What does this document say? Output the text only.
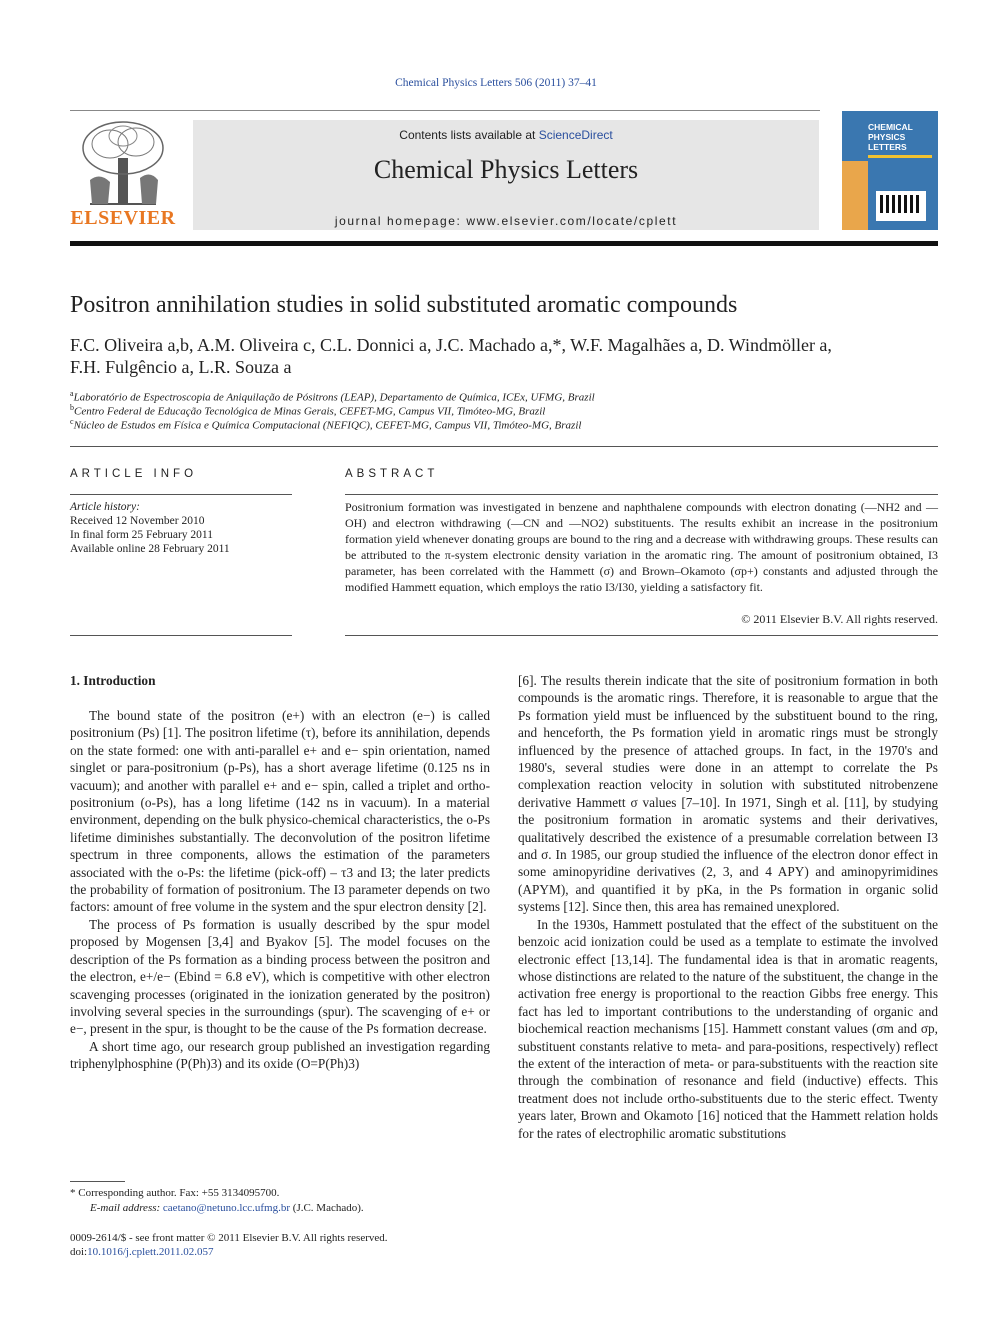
Chemical Physics Letters 506 (2011) 37–41
ELSEVIER
Contents lists available at ScienceDirect
Chemical Physics Letters
journal homepage: www.elsevier.com/locate/cplett
CHEMICAL
PHYSICS
LETTERS
Positron annihilation studies in solid substituted aromatic compounds
F.C. Oliveira a,b, A.M. Oliveira c, C.L. Donnici a, J.C. Machado a,*, W.F. Magalhães a, D. Windmöller a,
F.H. Fulgêncio a, L.R. Souza a
$^a$Laboratório de Espectroscopia de Aniquilação de Pósitrons (LEAP), Departamento de Química, ICEx, UFMG, Brazil
$^b$Centro Federal de Educação Tecnológica de Minas Gerais, CEFET-MG, Campus VII, Timóteo-MG, Brazil
$^c$Núcleo de Estudos em Física e Química Computacional (NEFIQC), CEFET-MG, Campus VII, Timóteo-MG, Brazil
ARTICLE INFO	ABSTRACT
Article history:
Received 12 November 2010
In final form 25 February 2011
Available online 28 February 2011
Positronium formation was investigated in benzene and naphthalene compounds with electron donating (—NH2 and —OH) and electron withdrawing (—CN and —NO2) substituents. The results exhibit an increase in the positronium formation yield whenever donating groups are bound to the ring and a decrease with withdrawing groups. These results can be attributed to the π-system electronic density variation in the aromatic ring. The amount of positronium obtained, I3 parameter, has been correlated with the Hammett (σ) and Brown–Okamoto (σp+) constants and adjusted through the modified Hammett equation, which employs the ratio I3/I30, yielding a satisfactory fit.
© 2011 Elsevier B.V. All rights reserved.
1. Introduction

The bound state of the positron (e+) with an electron (e−) is called positronium (Ps) [1]. The positron lifetime (τ), before its annihilation, depends on the state formed: one with anti-parallel e+ and e− spin orientation, named singlet or para-positronium (p-Ps), has a short average lifetime (0.125 ns in vacuum); and another with parallel e+ and e− spin, called a triplet and ortho-positronium (o-Ps), has a long lifetime (142 ns in vacuum). In a material environment, depending on the bulk physico-chemical characteristics, the o-Ps lifetime diminishes substantially. The deconvolution of the positron lifetime spectrum in three components, allows the estimation of the parameters associated with the o-Ps: the lifetime (pick-off) – τ3 and I3; the later predicts the probability of formation of positronium. The I3 parameter depends on two factors: amount of free volume in the system and the spur electron density [2].

The process of Ps formation is usually described by the spur model proposed by Mogensen [3,4] and Byakov [5]. The model focuses on the description of the Ps formation as a binding process between the positron and the electron, e+/e− (Ebind = 6.8 eV), which is competitive with other electron scavenging processes (originated in the ionization generated by the positron) involving several species in the surroundings (spur). The scavenging of e+ or e−, present in the spur, is thought to be the cause of the Ps formation decrease.

A short time ago, our research group published an investigation regarding triphenylphosphine (P(Ph)3) and its oxide (O=P(Ph)3)

[6]. The results therein indicate that the site of positronium formation in both compounds is the aromatic rings. Therefore, it is reasonable to argue that the Ps formation yield must be influenced by the substituent bound to the ring, and henceforth, the Ps formation yield in aromatic rings must be strongly influenced by the presence of attached groups. In fact, in the 1970's and 1980's, several studies were done in an attempt to correlate the Ps complexation reaction velocity in solution with substituted nitrobenzene derivative Hammett σ values [7–10]. In 1971, Singh et al. [11], by studying the positronium formation in aromatic systems and their derivatives, qualitatively described the existence of a presumable correlation between I3 and σ. In 1985, our group studied the influence of the electron donor effect in some aminopyridine derivatives (2, 3, and 4 APY) and aminopyrimidines (APYM), and quantified it by pKa, in the Ps formation in organic solid systems [12]. Since then, this area has remained unexplored.

In the 1930s, Hammett postulated that the effect of the substituent on the benzoic acid ionization could be used as a template to estimate the involved electronic effect [13,14]. The fundamental idea is that in aromatic reagents, whose distinctions are related to the nature of the substituent, the change in the activation free energy is proportional to the reaction Gibbs free energy. This fact has led to important contributions to the understanding of organic and biochemical reaction mechanisms [15]. Hammett constant values (σm and σp, substituent constants relative to meta- and para-positions, respectively) reflect the extent of the interaction of meta- or para-substituents with the reaction site through the combination of resonance and field (inductive) effects. This treatment does not include ortho-substituents due to the steric effect. Twenty years later, Brown and Okamoto [16] noticed that the Hammett relation holds for the rates of electrophilic aromatic substitutions

* Corresponding author. Fax: +55 3134095700.
E-mail address: caetano@netuno.lcc.ufmg.br (J.C. Machado).
0009-2614/$ - see front matter © 2011 Elsevier B.V. All rights reserved.
doi:10.1016/j.cplett.2011.02.057
